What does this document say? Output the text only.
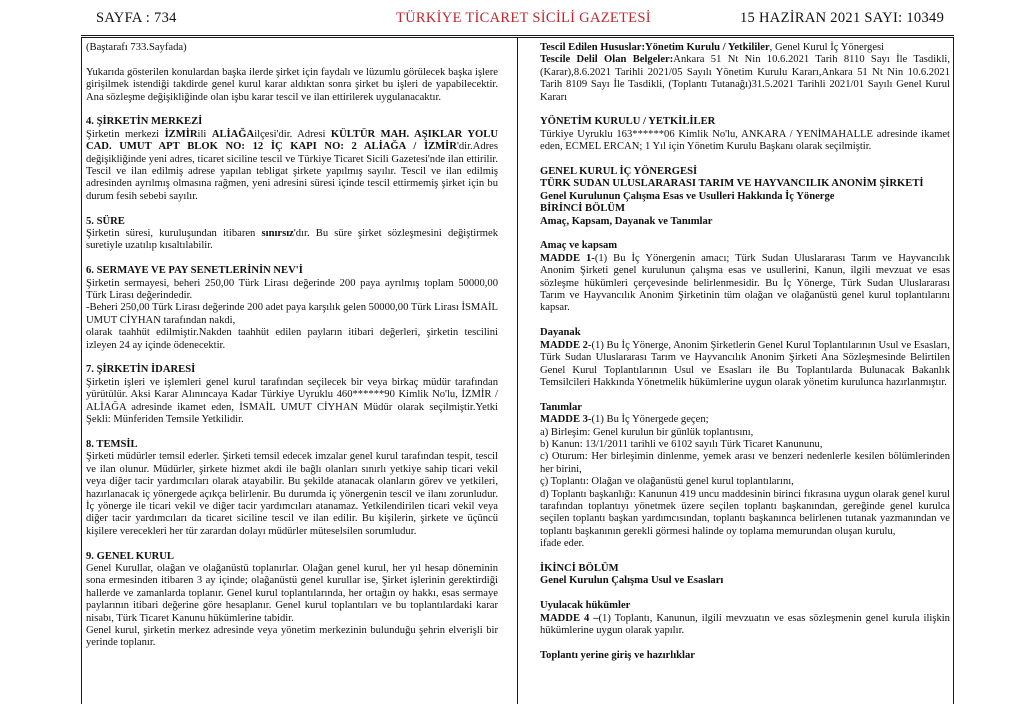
SAYFA : 734	TÜRKİYE TİCARET SİCİLİ GAZETESİ	15 HAZİRAN 2021 SAYI: 10349

(Baştarafı 733.Sayfada)

Yukarıda gösterilen konulardan başka ilerde şirket için faydalı ve lüzumlu görülecek başka işlere girişilmek istendiği takdirde genel kurul karar aldıktan sonra şirket bu işleri de yapabilecektir. Ana sözleşme değişikliğinde olan işbu karar tescil ve ilan ettirilerek uygulanacaktır.

4. ŞİRKETİN MERKEZİ

Şirketin merkezi İZMİRili ALİAĞAilçesi'dir. Adresi KÜLTÜR MAH. AŞIKLAR YOLU CAD. UMUT APT BLOK NO: 12 İÇ KAPI NO: 2 ALİAĞA / İZMİR'dir.Adres değişikliğinde yeni adres, ticaret siciline tescil ve Türkiye Ticaret Sicili Gazetesi'nde ilan ettirilir. Tescil ve ilan edilmiş adrese yapılan tebligat şirkete yapılmış sayılır. Tescil ve ilan edilmiş adresinden ayrılmış olmasına rağmen, yeni adresini süresi içinde tescil ettirmemiş şirket için bu durum fesih sebebi sayılır.

5. SÜRE

Şirketin süresi, kuruluşundan itibaren sınırsız'dır. Bu süre şirket sözleşmesini değiştirmek suretiyle uzatılıp kısaltılabilir.

6. SERMAYE VE PAY SENETLERİNİN NEV'İ

Şirketin sermayesi, beheri 250,00 Türk Lirası değerinde 200 paya ayrılmış toplam 50000,00 Türk Lirası değerindedir.

-Beheri 250,00 Türk Lirası değerinde 200 adet paya karşılık gelen 50000,00 Türk Lirası İSMAİL UMUT CİYHAN tarafından nakdi,

olarak taahhüt edilmiştir.Nakden taahhüt edilen payların itibari değerleri, şirketin tescilini izleyen 24 ay içinde ödenecektir.

7. ŞİRKETİN İDARESİ

Şirketin işleri ve işlemleri genel kurul tarafından seçilecek bir veya birkaç müdür tarafından yürütülür. Aksi Karar Alınıncaya Kadar Türkiye Uyruklu 460******90 Kimlik No'lu, İZMİR / ALİAĞA adresinde ikamet eden, İSMAİL UMUT CİYHAN Müdür olarak seçilmiştir.Yetki Şekli: Münferiden Temsile Yetkilidir.

8. TEMSİL

Şirketi müdürler temsil ederler. Şirketi temsil edecek imzalar genel kurul tarafından tespit, tescil ve ilan olunur. Müdürler, şirkete hizmet akdi ile bağlı olanları sınırlı yetkiye sahip ticari vekil veya diğer tacir yardımcıları olarak atayabilir. Bu şekilde atanacak olanların görev ve yetkileri, hazırlanacak iç yönergede açıkça belirlenir. Bu durumda iç yönergenin tescil ve ilanı zorunludur. İç yönerge ile ticari vekil ve diğer tacir yardımcıları atanamaz. Yetkilendirilen ticari vekil veya diğer tacir yardımcıları da ticaret siciline tescil ve ilan edilir. Bu kişilerin, şirkete ve üçüncü kişilere verecekleri her tür zarardan dolayı müdürler müteselsilen sorumludur.

9. GENEL KURUL

Genel Kurullar, olağan ve olağanüstü toplanırlar. Olağan genel kurul, her yıl hesap döneminin sona ermesinden itibaren 3 ay içinde; olağanüstü genel kurullar ise, Şirket işlerinin gerektirdiği hallerde ve zamanlarda toplanır. Genel kurul toplantılarında, her ortağın oy hakkı, esas sermaye paylarının itibari değerine göre hesaplanır. Genel kurul toplantıları ve bu toplantılardaki karar nisabı, Türk Ticaret Kanunu hükümlerine tabidir.

Genel kurul, şirketin merkez adresinde veya yönetim merkezinin bulunduğu şehrin elverişli bir yerinde toplanır.

Tescil Edilen Hususlar:Yönetim Kurulu / Yetkililer, Genel Kurul İç Yönergesi

Tescile Delil Olan Belgeler:Ankara 51 Nt Nin 10.6.2021 Tarih 8110 Sayı İle Tasdikli, (Karar),8.6.2021 Tarihli 2021/05 Sayılı Yönetim Kurulu Kararı,Ankara 51 Nt Nin 10.6.2021 Tarih 8109 Sayı İle Tasdikli, (Toplantı Tutanağı)31.5.2021 Tarihli 2021/01 Sayılı Genel Kurul Kararı

YÖNETİM KURULU / YETKİLİLER

Türkiye Uyruklu 163******06 Kimlik No'lu, ANKARA / YENİMAHALLE adresinde ikamet eden, ECMEL ERCAN; 1 Yıl için Yönetim Kurulu Başkanı olarak seçilmiştir.

GENEL KURUL İÇ YÖNERGESİ

TÜRK SUDAN ULUSLARARASI TARIM VE HAYVANCILIK ANONİM ŞİRKETİ

Genel Kurulunun Çalışma Esas ve Usulleri Hakkında İç Yönerge

BİRİNCİ BÖLÜM

Amaç, Kapsam, Dayanak ve Tanımlar

Amaç ve kapsam

MADDE 1-(1) Bu İç Yönergenin amacı; Türk Sudan Uluslararası Tarım ve Hayvancılık Anonim Şirketi genel kurulunun çalışma esas ve usullerini, Kanun, ilgili mevzuat ve esas sözleşme hükümleri çerçevesinde belirlenmesidir. Bu İç Yönerge, Türk Sudan Uluslararası Tarım ve Hayvancılık Anonim Şirketinin tüm olağan ve olağanüstü genel kurul toplantılarını kapsar.

Dayanak

MADDE 2-(1) Bu İç Yönerge, Anonim Şirketlerin Genel Kurul Toplantılarının Usul ve Esasları, Türk Sudan Uluslararası Tarım ve Hayvancılık Anonim Şirketi Ana Sözleşmesinde Belirtilen Genel Kurul Toplantılarının Usul ve Esasları ile Bu Toplantılarda Bulunacak Bakanlık Temsilcileri Hakkında Yönetmelik hükümlerine uygun olarak yönetim kurulunca hazırlanmıştır.

Tanımlar

MADDE 3-(1) Bu İç Yönergede geçen;

a) Birleşim: Genel kurulun bir günlük toplantısını,

b) Kanun: 13/1/2011 tarihli ve 6102 sayılı Türk Ticaret Kanununu,

c) Oturum: Her birleşimin dinlenme, yemek arası ve benzeri nedenlerle kesilen bölümlerinden her birini,

ç) Toplantı: Olağan ve olağanüstü genel kurul toplantılarını,

d) Toplantı başkanlığı: Kanunun 419 uncu maddesinin birinci fıkrasına uygun olarak genel kurul tarafından toplantıyı yönetmek üzere seçilen toplantı başkanından, gereğinde genel kurulca seçilen toplantı başkan yardımcısından, toplantı başkanınca belirlenen tutanak yazmanından ve toplantı başkanının gerekli görmesi halinde oy toplama memurundan oluşan kurulu,

ifade eder.

İKİNCİ BÖLÜM

Genel Kurulun Çalışma Usul ve Esasları

Uyulacak hükümler

MADDE 4 –(1) Toplantı, Kanunun, ilgili mevzuatın ve esas sözleşmenin genel kurula ilişkin hükümlerine uygun olarak yapılır.

Toplantı yerine giriş ve hazırlıklar
